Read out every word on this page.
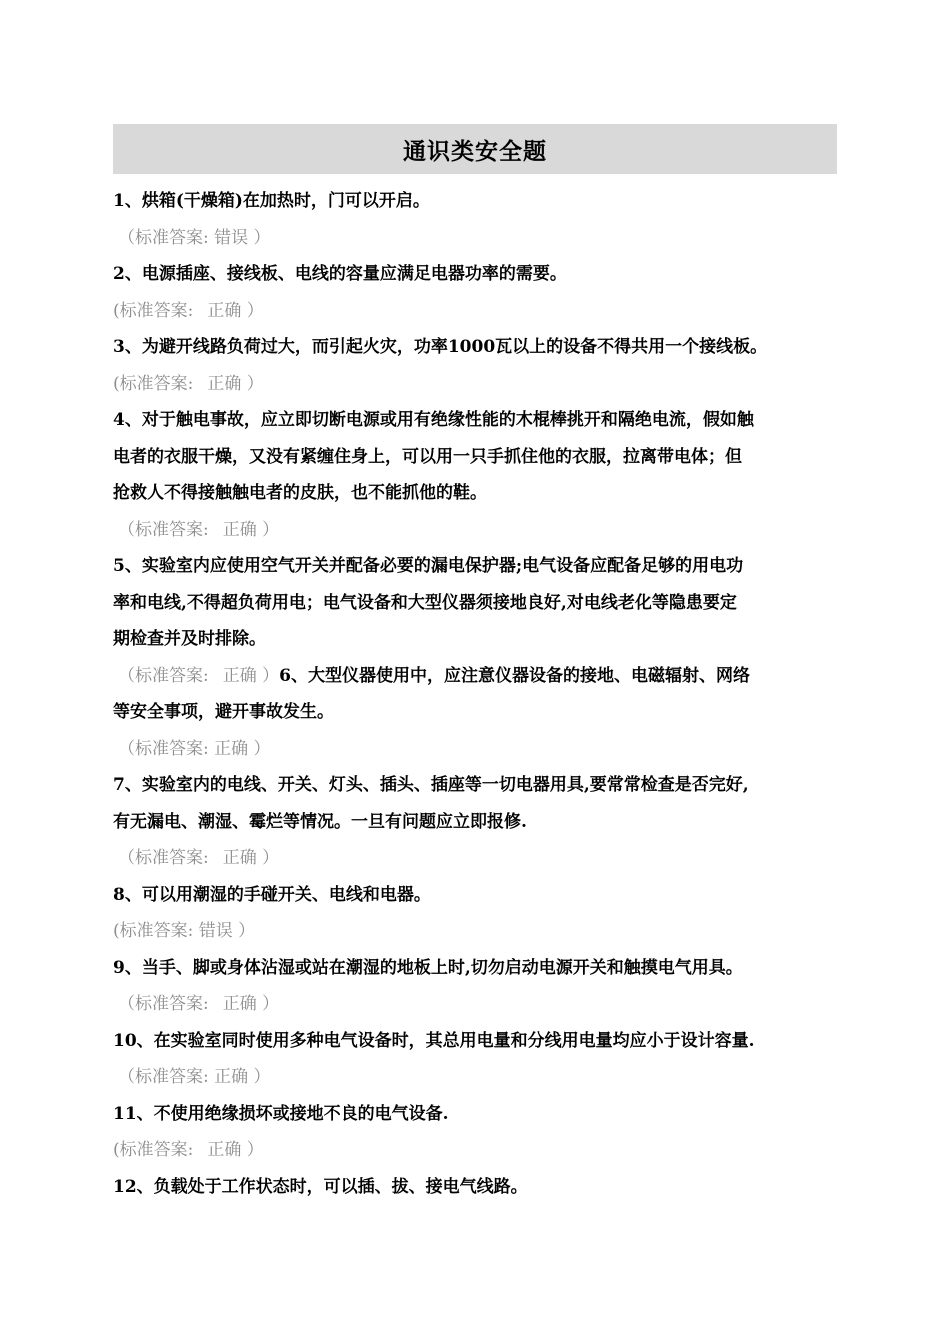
通识类安全题
1、烘箱(干燥箱)在加热时，门可以开启。
（标准答案: 错误 ）
2、电源插座、接线板、电线的容量应满足电器功率的需要。
(标准答案: 正确 ）
3、为避开线路负荷过大，而引起火灾，功率1000瓦以上的设备不得共用一个接线板。
(标准答案: 正确 ）
4、对于触电事故，应立即切断电源或用有绝缘性能的木棍棒挑开和隔绝电流，假如触
电者的衣服干燥，又没有紧缠住身上，可以用一只手抓住他的衣服，拉离带电体；但
抢救人不得接触触电者的皮肤，也不能抓他的鞋。
（标准答案: 正确 ）
5、实验室内应使用空气开关并配备必要的漏电保护器;电气设备应配备足够的用电功
率和电线,不得超负荷用电；电气设备和大型仪器须接地良好,对电线老化等隐患要定
期检查并及时排除。
（标准答案: 正确 ）6、大型仪器使用中，应注意仪器设备的接地、电磁辐射、网络
等安全事项，避开事故发生。
（标准答案: 正确 ）
7、实验室内的电线、开关、灯头、插头、插座等一切电器用具,要常常检查是否完好,
有无漏电、潮湿、霉烂等情况。一旦有问题应立即报修.
（标准答案: 正确 ）
8、可以用潮湿的手碰开关、电线和电器。
(标准答案: 错误 ）
9、当手、脚或身体沾湿或站在潮湿的地板上时,切勿启动电源开关和触摸电气用具。
（标准答案: 正确 ）
10、在实验室同时使用多种电气设备时，其总用电量和分线用电量均应小于设计容量.
（标准答案: 正确 ）
11、不使用绝缘损坏或接地不良的电气设备.
(标准答案: 正确 ）
12、负载处于工作状态时，可以插、拔、接电气线路。
